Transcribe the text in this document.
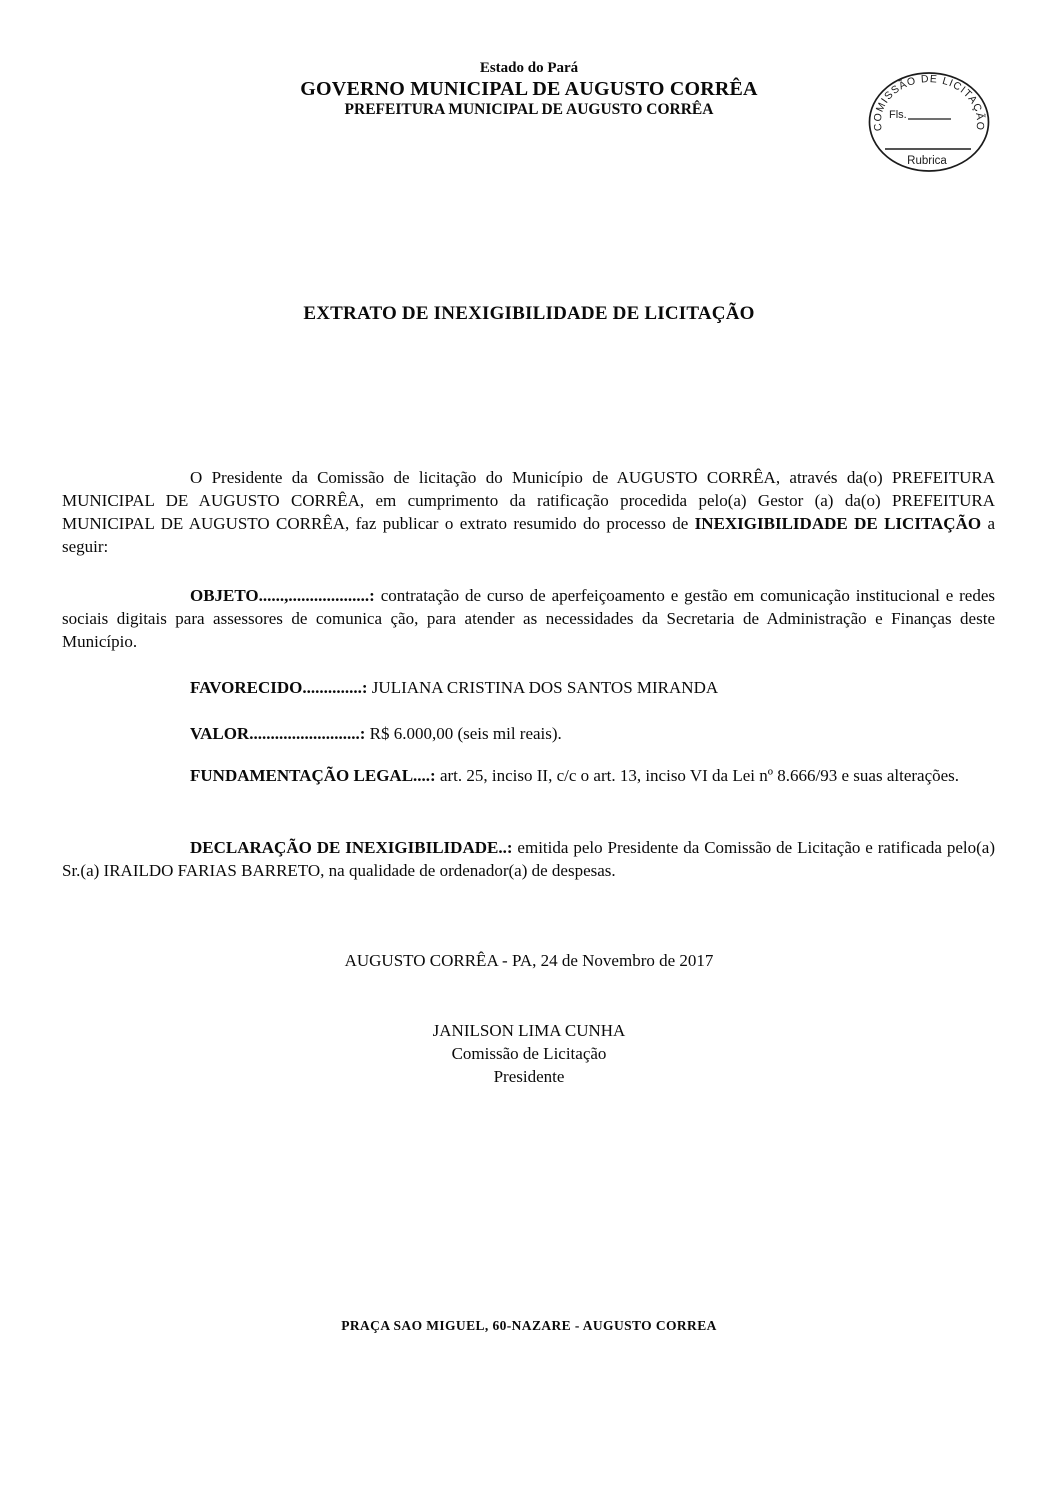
Estado do Pará
GOVERNO MUNICIPAL DE AUGUSTO CORRÊA
PREFEITURA MUNICIPAL DE AUGUSTO CORRÊA
COMISSÃO DE LICITAÇÃO
Fls.
Rubrica
EXTRATO DE INEXIGIBILIDADE DE LICITAÇÃO

O Presidente da Comissão de licitação do Município de AUGUSTO CORRÊA, através da(o) PREFEITURA MUNICIPAL DE AUGUSTO CORRÊA, em cumprimento da ratificação procedida pelo(a) Gestor (a) da(o) PREFEITURA MUNICIPAL DE AUGUSTO CORRÊA, faz publicar o extrato resumido do processo de INEXIGIBILIDADE DE LICITAÇÃO a seguir:

OBJETO......,...................: contratação de curso de aperfeiçoamento e gestão em comunicação institucional e redes sociais digitais para assessores de comunica ção, para atender as necessidades da Secretaria de Administração e Finanças deste Município.

FAVORECIDO..............: JULIANA CRISTINA DOS SANTOS MIRANDA

VALOR..........................: R$ 6.000,00 (seis mil reais).

FUNDAMENTAÇÃO LEGAL....: art. 25, inciso II, c/c o art. 13, inciso VI da Lei nº 8.666/93 e suas alterações.

DECLARAÇÃO DE INEXIGIBILIDADE..: emitida pelo Presidente da Comissão de Licitação e ratificada pelo(a) Sr.(a) IRAILDO FARIAS BARRETO, na qualidade de ordenador(a) de despesas.

AUGUSTO CORRÊA - PA, 24 de Novembro de 2017

JANILSON LIMA CUNHA
Comissão de Licitação
Presidente
PRAÇA SAO MIGUEL, 60-NAZARE - AUGUSTO CORREA
